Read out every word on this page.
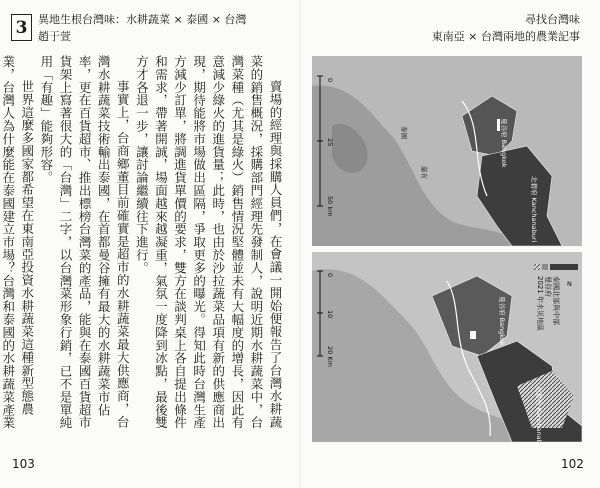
3 異地生根台灣味：水耕蔬菜 × 泰國 × 台灣
趙于萱

賣場的經理與採購人員們，在會議一開始便報告了台灣水耕蔬菜的銷售概況，採購部門經理先發制人，說明近期水耕蔬菜中，台灣菜種（尤其是綠火）銷售情況堅體並未有大幅度的增長，因此有意減少綠火的進貨量；此時，也由於沙拉蔬菜品項有新的供應商出現，期待能將市場做出區隔，爭取更多的曝光。得知此時台灣生產方減少訂單，將調進貨單價的要求，雙方在談判桌上各自提出條件和需求，帶著開誠，場面越來越凝重，氣氛一度降到冰點，最後雙方才各退一步，讓討論繼續往下進行。

事實上，台商鄉董目前確實是超市的水耕蔬菜最大供應商，台灣水耕蔬菜技術輸出泰國，在首都曼谷擁有最大的水耕蔬菜市佔率，更在百貨超市、推出標榜台灣菜的產品，能與在泰國百貨超市貨架上寫著很大的「台灣」二字，以台灣菜形象行銷，已不是單純用「有趣」能夠形容。

世界這麼多國家都希望在東南亞投資水耕蔬菜這種新型態農業，台灣人為什麼能在泰國建立市場？台灣和泰國的水耕蔬菜產業

103
尋找台灣味
東南亞 × 台灣兩地的農業記事
0
25
50 km	北碧府 Kanchanaburi
曼谷府 Bangkok
泰國
瀑布
0
10
20 Km
泰國北部與中部
曼谷府
2021 年水災地區
北碧府 Kanchanaburi
曼谷府 Bangkok
N
102
